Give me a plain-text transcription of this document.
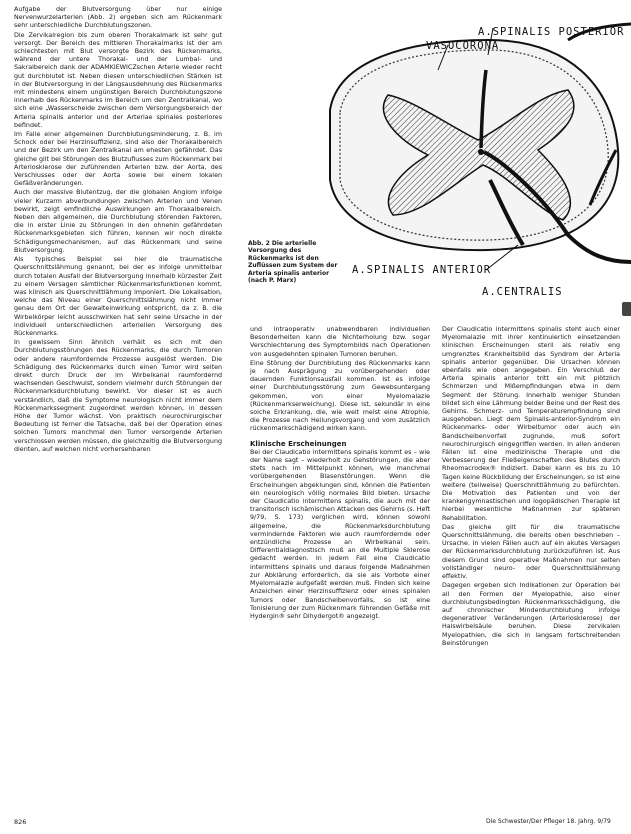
A.SPINALIS POSTERIOR
VASOCORONA
A.SPINALIS ANTERIOR
A.CENTRALIS
Abb. 2 Die arterielle Versorgung des Rückenmarks ist den Zuflüssen zum System der Arteria spinalis anterior (nach P. Marx)

Aufgabe der Blutversorgung über nur einige Nervenwurzelarterien (Abb. 2) ergeben sich am Rückenmark sehr unterschiedliche Durchblutungszonen.

Die Zervikalregion bis zum oberen Thorakalmark ist sehr gut versorgt. Der Bereich des mittleren Thorakalmarks ist der am schlechtesten mit Blut versorgte Bezirk des Rückenmarks, während der untere Thorakal- und der Lumbal- und Sakralbereich dank der ADAMKIEWICZschen Arterie wieder recht gut durchblutet ist. Neben diesen unterschiedlichen Stärken ist in der Blutversorgung in der Längsausdehnung des Rückenmarks mit mindestens einem ungünstigen Bereich Durchblutungszone innerhalb des Rückenmarks im Bereich um den Zentralkanal, wo sich eine „Wasserscheide zwischen dem Versorgungsbereich der Arteria spinalis anterior und der Arteriae spinales posteriores befindet.

Im Falle einer allgemeinen Durchblutungsminderung, z. B. im Schock oder bei Herzinsuffizienz, sind also der Thorakalbereich und der Bezirk um den Zentralkanal am ehesten gefährdet. Das gleiche gilt bei Störungen des Blutzuflusses zum Rückenmark bei Arteriosklerose der zuführenden Arterien bzw. der Aorta, des Verschlusses oder der Aorta sowie bei einem lokalen Gefäßveränderungen.

Auch der massive Blutentzug, der die globalen Angiom infolge vieler Kurzarm abverbundungen zwischen Arterien und Venen bewirkt, zeigt emfindliche Auswirkungen am Thorakalbereich. Neben den allgemeinen, die Durchblutung störenden Faktoren, die in erster Linie zu Störungen in den ohnehin gefährdeten Rückenmarksgebieten sich führen, kennen wir noch direkte Schädigungsmechanismen, auf das Rückenmark und seine Blutversorgung.

Als typisches Beispiel sei hier die traumatische Querschnittslähmung genannt, bei der es infolge unmittelbar durch totalen Ausfall der Blutversorgung innerhalb kürzester Zeit zu einem Versagen sämtlicher Rückenmarksfunktionen kommt, was klinisch als Querschnittlähmung imponiert. Die Lokalisation, welche das Niveau einer Querschnittslähmung nicht immer genau dem Ort der Gewalteinwirkung entspricht, da z. B. die Wirbelkörper leicht ausschwirken hat sehr seine Ursache in der individuell unterschiedlichen arteriellen Versorgung des Rückenmarks.

In gewissem Sinn ähnlich verhält es sich mit den Durchblutungsstörungen des Rückenmarks, die durch Tumoren oder andere raumfordernde Prozesse ausgelöst werden. Die Schädigung des Rückenmarks durch einen Tumor wird selten direkt durch Druck der im Wirbelkanal raumfordernd wachsenden Geschwulst, sondern vielmehr durch Störungen der Rückenmarksdurchblutung bewirkt. Vor dieser ist es auch verständlich, daß die Symptome neurologisch nicht immer dem Rückenmarkssegment zugeordnet werden können, in dessen Höhe der Tumor wächst. Von praktisch neurochirurgischer Bedeutung ist ferner die Tatsache, daß bei der Operation eines solchen Tumors manchmal den Tumor versorgende Arterien verschlossen werden müssen, die gleichzeitig die Blutversorgung dienten, auf welchen nicht vorhersehbaren

und intraoperativ unabwendbaren individuellen Besonderheiten kann die Nichterholung bzw. sogar Verschlechterung des Symptombilds nach Operationen von ausgedehnten spinalen Tumoren beruhen.

Eine Störung der Durchblutung des Rückenmarks kann je nach Ausprägung zu vorübergehenden oder dauernden Funktionsausfall kommen. Ist es infolge einer Durchblutungsstörung zum Gewebsuntergang gekommen, von einer Myelomalazie (Rückenmarkserweichung). Diese ist, sekundär in eine solche Erkrankung, die, wie weit meist eine Atrophie, die Prozesse nach Heilungsvorgang und vom zusätzlich rückenmarkschädigend wirken kann.

Klinische Erscheinungen

Bei der Claudicatio intermittens spinalis kommt es – wie der Name sagt – wiederholt zu Gehstörungen, die aber stets nach im Mittelpunkt können, wie manchmal vorübergehenden Blasenstörungen. Wenn die Erscheinungen abgeklungen sind, können die Patienten ein neurologisch völlig normales Bild bieten. Ursache der Claudicatio intermittens spinalis, die auch mit der transitorisch ischämischen Attacken des Gehirns (s. Heft 9/79, S. 173) verglichen wird, können sowohl allgemeine, die Rückenmarksdurchblutung vermindernde Faktoren wie auch raumfordernde oder entzündliche Prozesse an Wirbelkanal sein. Differentialdiagnostisch muß an die Multiple Sklerose gedacht werden. In jedem Fall eine Claudicatio intermittens spinalis und daraus folgende Maßnahmen zur Abklärung erforderlich, da sie als Vorbote einer Myelomalazie aufgefaßt werden muß. Finden sich keine Anzeichen einer Herzinsuffizienz oder eines spinalen Tumors oder Bandscheibenvorfalls, so ist eine Tonisierung der zum Rückenmark führenden Gefäße mit Hydergin® sehr Dihydergot® angezeigt.

Der Claudicatio intermittens spinalis steht auch einer Myelomalazie mit ihrer kontinuierlich einsetzenden klinischen Erscheinungen steril als relativ eng umgrenztes Krankheitsbild das Syndrom der Arteria spinalis anterior gegenüber. Die Ursachen können ebenfalls wie oben angegeben. Ein Verschluß der Arteria spinalis anterior tritt ein mit plötzlich Schmerzen und Mißempfindungen etwa in dem Segment der Störung. Innerhalb weniger Stunden bildet sich eine Lähmung beider Beine und der Rest des Gehirns. Schmerz- und Temperaturempfindung sind ausgehoben. Liegt dem Spinalis-anterior-Syndrom ein Rückenmarks- oder Wirbeltumor oder auch ein Bandscheibenvorfall zugrunde, muß sofort neurochirurgisch eingegriffen werden. In allen anderen Fällen ist eine medizinische Therapie und die Verbesserung der Fließeigenschaften des Blutes durch Rheomacrodex® indiziert. Dabei kann es bis zu 10 Tagen keine Rückbildung der Erscheinungen, so ist eine weitere (teilweise) Querschnittlähmung zu befürchten. Die Motivation des Patienten und von der krankengymnastischen und logopädischen Therapie ist hierbei wesentliche Maßnahmen zur späteren Rehabilitation.

Das gleiche gilt für die traumatische Querschnittslähmung, die bereits oben beschrieben – Ursache. In vielen Fällen auch auf ein akutes Versagen der Rückenmarksdurchblutung zurückzuführen ist. Aus diesem Grund sind operative Maßnahmen nur selten vollständiger neuro- oder Querschnittslähmung effektiv.

Dagegen ergeben sich Indikationen zur Operation bei all den Formen der Myelopathie, also einer durchblutungsbedingten Rückenmarksschädigung, die auf chronischer Minderdurchblutung infolge degenerativer Veränderungen (Arteriosklerose) der Halswirbelsäule beruhen. Diese zervikalen Myelopathien, die sich in langsam fortschreitenden Beinstörungen

826	Die Schwester/Der Pfleger 18. Jahrg. 9/79
